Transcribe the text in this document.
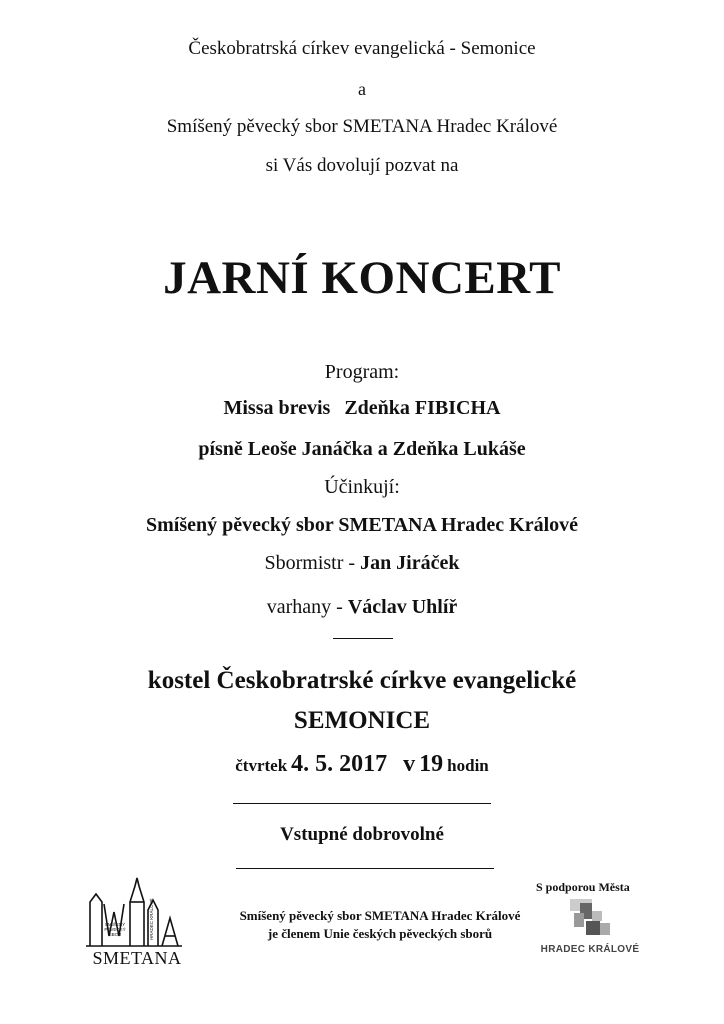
Českobratrská církev evangelická - Semonice
a
Smíšený pěvecký sbor SMETANA Hradec Králové
si Vás dovolují pozvat na
JARNÍ KONCERT
Program:
Missa brevis Zdeňka FIBICHA
písně Leoše Janáčka a Zdeňka Lukáše
Účinkují:
Smíšený pěvecký sbor SMETANA Hradec Králové
Sbormistr - Jan Jiráček
varhany - Václav Uhlíř
kostel Českobratrské církve evangelické
SEMONICE
čtvrtek 4. 5. 2017 v 19 hodin
Vstupné dobrovolné
SMÍŠENÝ PĚVECKÝ SBOR	HRADEC KRÁLOVÉ
SMETANA
Smíšený pěvecký sbor SMETANA Hradec Králové
je členem Unie českých pěveckých sborů
S podporou Města
HRADEC KRÁLOVÉ
